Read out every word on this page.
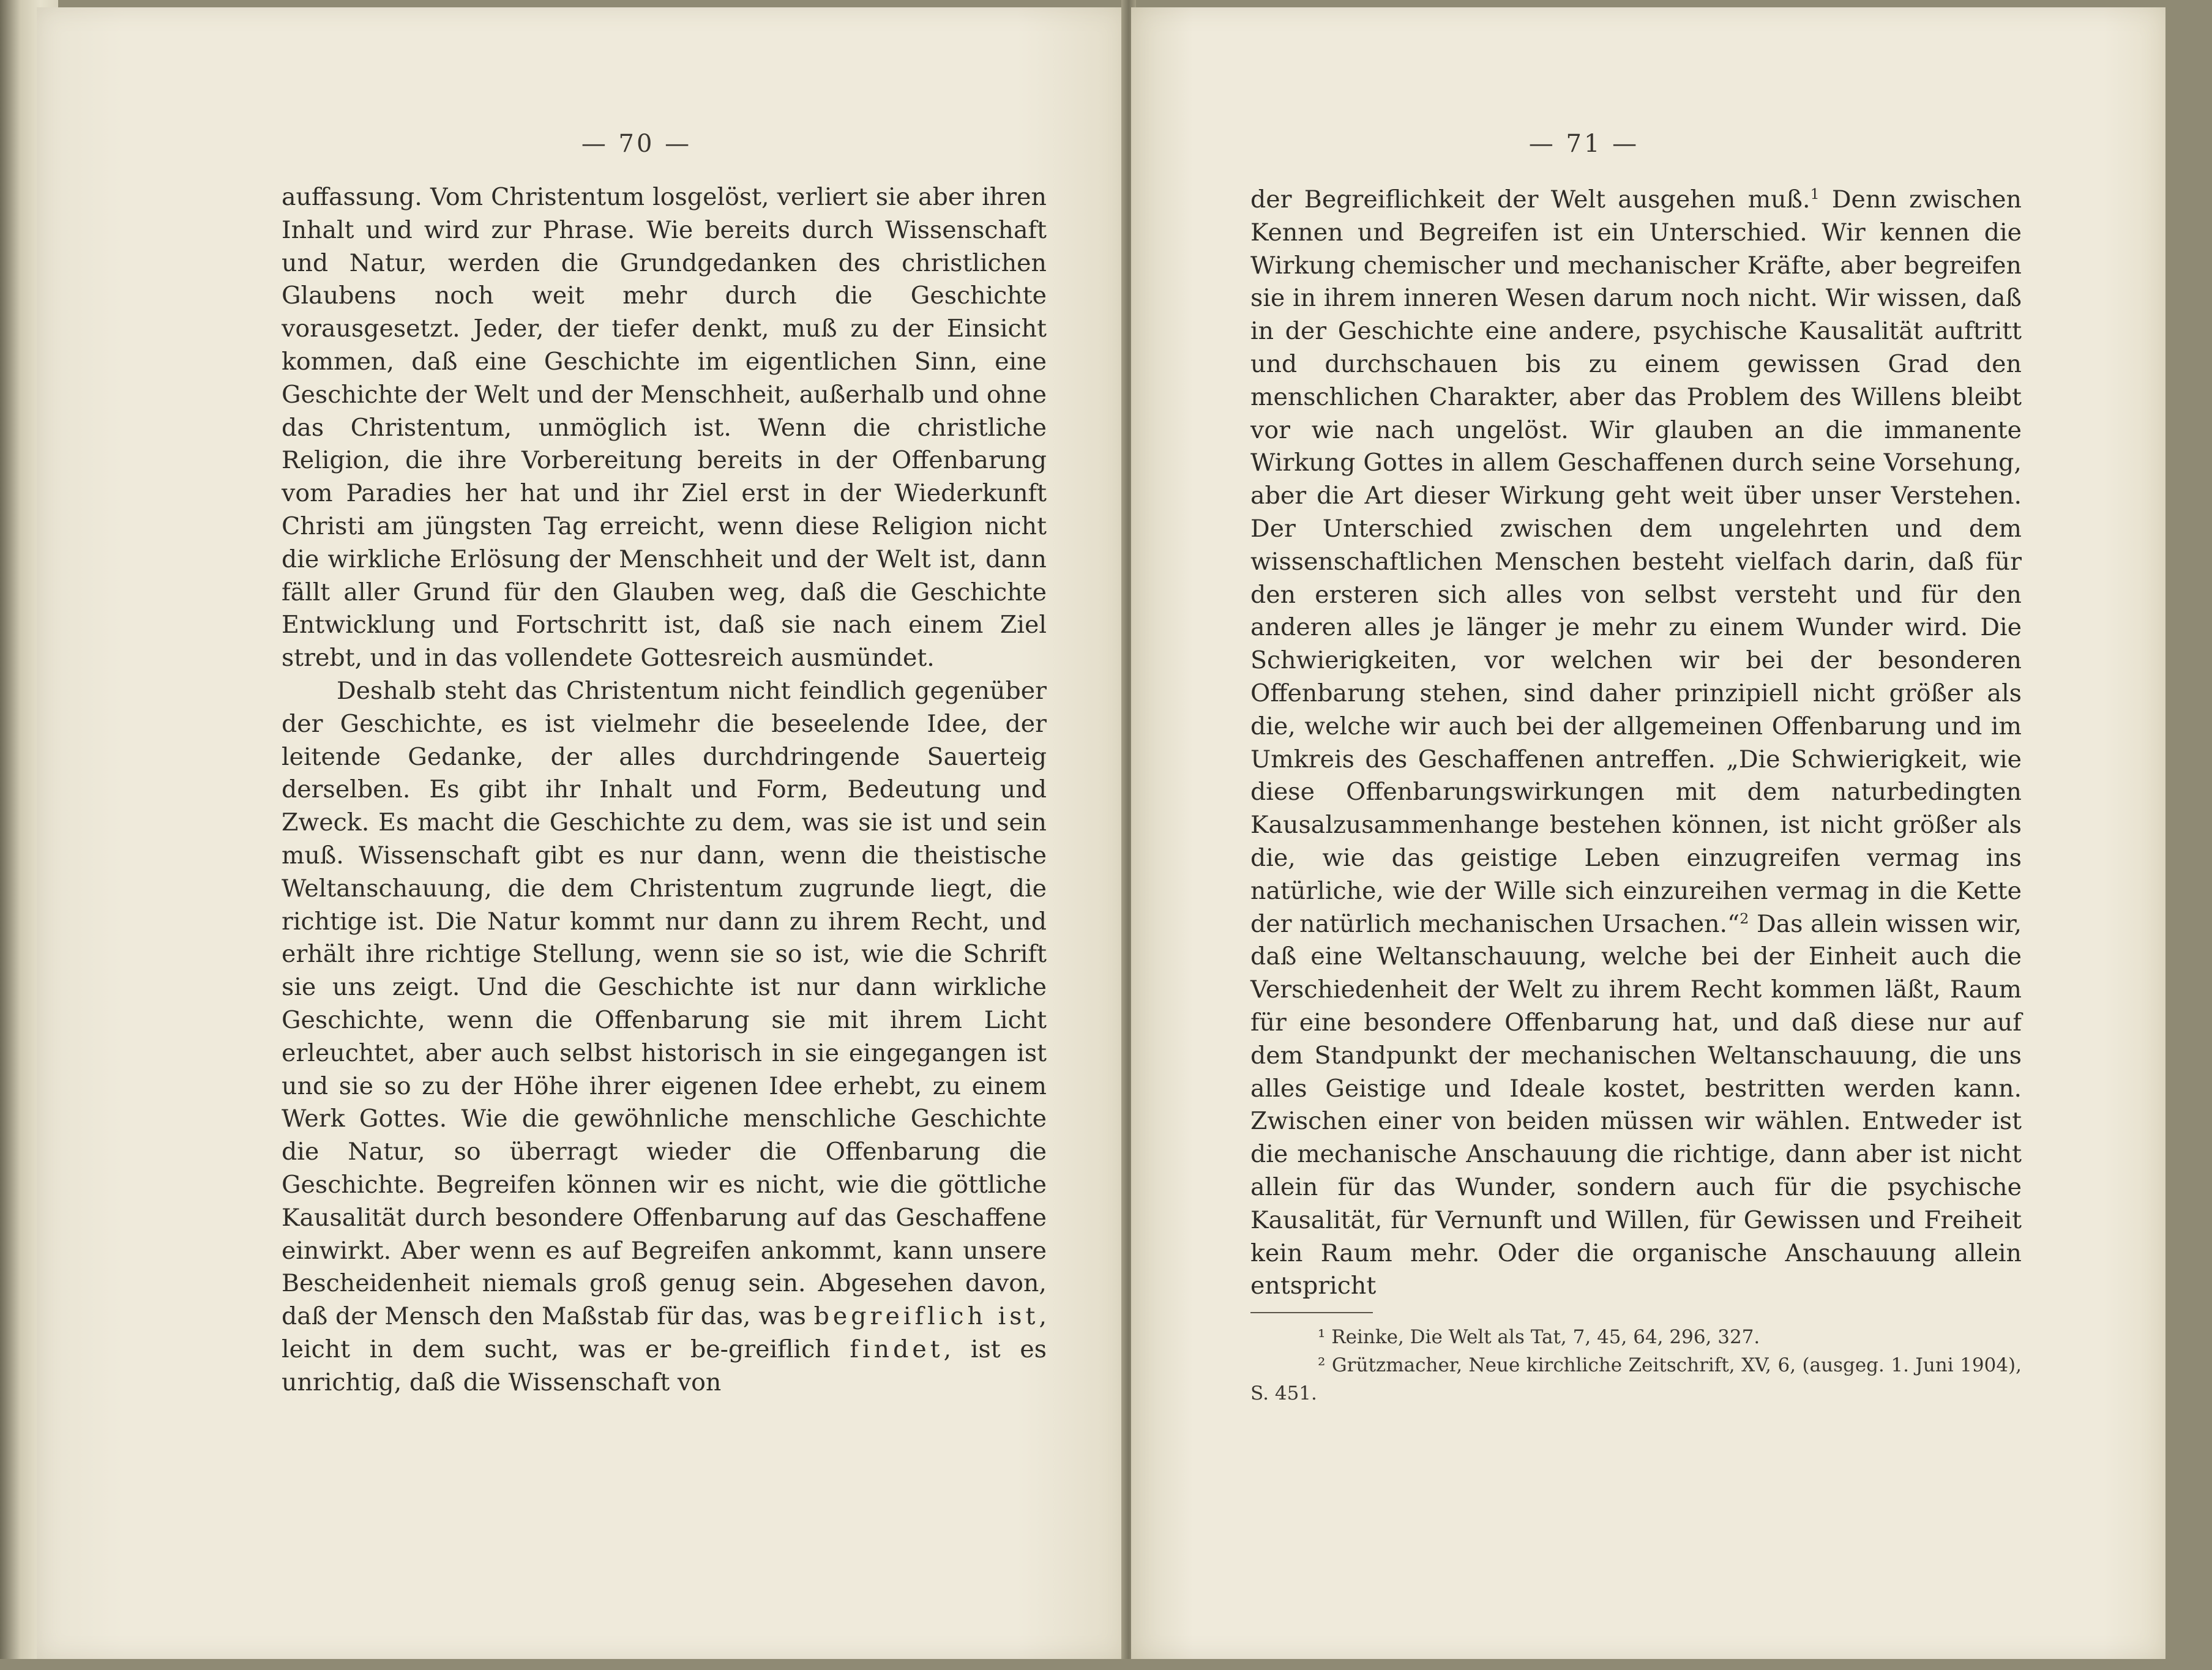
— 70 —

auffassung. Vom Christentum losgelöst, verliert sie aber ihren Inhalt und wird zur Phrase. Wie bereits durch Wissenschaft und Natur, werden die Grundgedanken des christlichen Glaubens noch weit mehr durch die Geschichte vorausgesetzt. Jeder, der tiefer denkt, muß zu der Einsicht kommen, daß eine Geschichte im eigentlichen Sinn, eine Geschichte der Welt und der Menschheit, außerhalb und ohne das Christentum, unmöglich ist. Wenn die christliche Religion, die ihre Vorbereitung bereits in der Offenbarung vom Paradies her hat und ihr Ziel erst in der Wiederkunft Christi am jüngsten Tag erreicht, wenn diese Religion nicht die wirkliche Erlösung der Menschheit und der Welt ist, dann fällt aller Grund für den Glauben weg, daß die Geschichte Entwicklung und Fortschritt ist, daß sie nach einem Ziel strebt, und in das vollendete Gottesreich ausmündet.

Deshalb steht das Christentum nicht feindlich gegenüber der Geschichte, es ist vielmehr die beseelende Idee, der leitende Gedanke, der alles durchdringende Sauerteig derselben. Es gibt ihr Inhalt und Form, Bedeutung und Zweck. Es macht die Geschichte zu dem, was sie ist und sein muß. Wissenschaft gibt es nur dann, wenn die theistische Weltanschauung, die dem Christentum zugrunde liegt, die richtige ist. Die Natur kommt nur dann zu ihrem Recht, und erhält ihre richtige Stellung, wenn sie so ist, wie die Schrift sie uns zeigt. Und die Geschichte ist nur dann wirkliche Geschichte, wenn die Offenbarung sie mit ihrem Licht erleuchtet, aber auch selbst historisch in sie eingegangen ist und sie so zu der Höhe ihrer eigenen Idee erhebt, zu einem Werk Gottes. Wie die gewöhnliche menschliche Geschichte die Natur, so überragt wieder die Offenbarung die Geschichte. Begreifen können wir es nicht, wie die göttliche Kausalität durch besondere Offenbarung auf das Geschaffene einwirkt. Aber wenn es auf Begreifen ankommt, kann unsere Bescheidenheit niemals groß genug sein. Abgesehen davon, daß der Mensch den Maßstab für das, was begreiflich ist, leicht in dem sucht, was er be-greiflich findet, ist es unrichtig, daß die Wissenschaft von

— 71 —

der Begreiflichkeit der Welt ausgehen muß.$^1$ Denn zwischen Kennen und Begreifen ist ein Unterschied. Wir kennen die Wirkung chemischer und mechanischer Kräfte, aber begreifen sie in ihrem inneren Wesen darum noch nicht. Wir wissen, daß in der Geschichte eine andere, psychische Kausalität auftritt und durchschauen bis zu einem gewissen Grad den menschlichen Charakter, aber das Problem des Willens bleibt vor wie nach ungelöst. Wir glauben an die immanente Wirkung Gottes in allem Geschaffenen durch seine Vorsehung, aber die Art dieser Wirkung geht weit über unser Verstehen. Der Unterschied zwischen dem ungelehrten und dem wissenschaftlichen Menschen besteht vielfach darin, daß für den ersteren sich alles von selbst versteht und für den anderen alles je länger je mehr zu einem Wunder wird. Die Schwierigkeiten, vor welchen wir bei der besonderen Offenbarung stehen, sind daher prinzipiell nicht größer als die, welche wir auch bei der allgemeinen Offenbarung und im Umkreis des Geschaffenen antreffen. „Die Schwierigkeit, wie diese Offenbarungswirkungen mit dem naturbedingten Kausalzusammenhange bestehen können, ist nicht größer als die, wie das geistige Leben einzugreifen vermag ins natürliche, wie der Wille sich einzureihen vermag in die Kette der natürlich mechanischen Ursachen.“$^2$ Das allein wissen wir, daß eine Weltanschauung, welche bei der Einheit auch die Verschiedenheit der Welt zu ihrem Recht kommen läßt, Raum für eine besondere Offenbarung hat, und daß diese nur auf dem Standpunkt der mechanischen Weltanschauung, die uns alles Geistige und Ideale kostet, bestritten werden kann. Zwischen einer von beiden müssen wir wählen. Entweder ist die mechanische Anschauung die richtige, dann aber ist nicht allein für das Wunder, sondern auch für die psychische Kausalität, für Vernunft und Willen, für Gewissen und Freiheit kein Raum mehr. Oder die organische Anschauung allein entspricht

¹ Reinke, Die Welt als Tat, 7, 45, 64, 296, 327.

² Grützmacher, Neue kirchliche Zeitschrift, XV, 6, (ausgeg. 1. Juni 1904), S. 451.
